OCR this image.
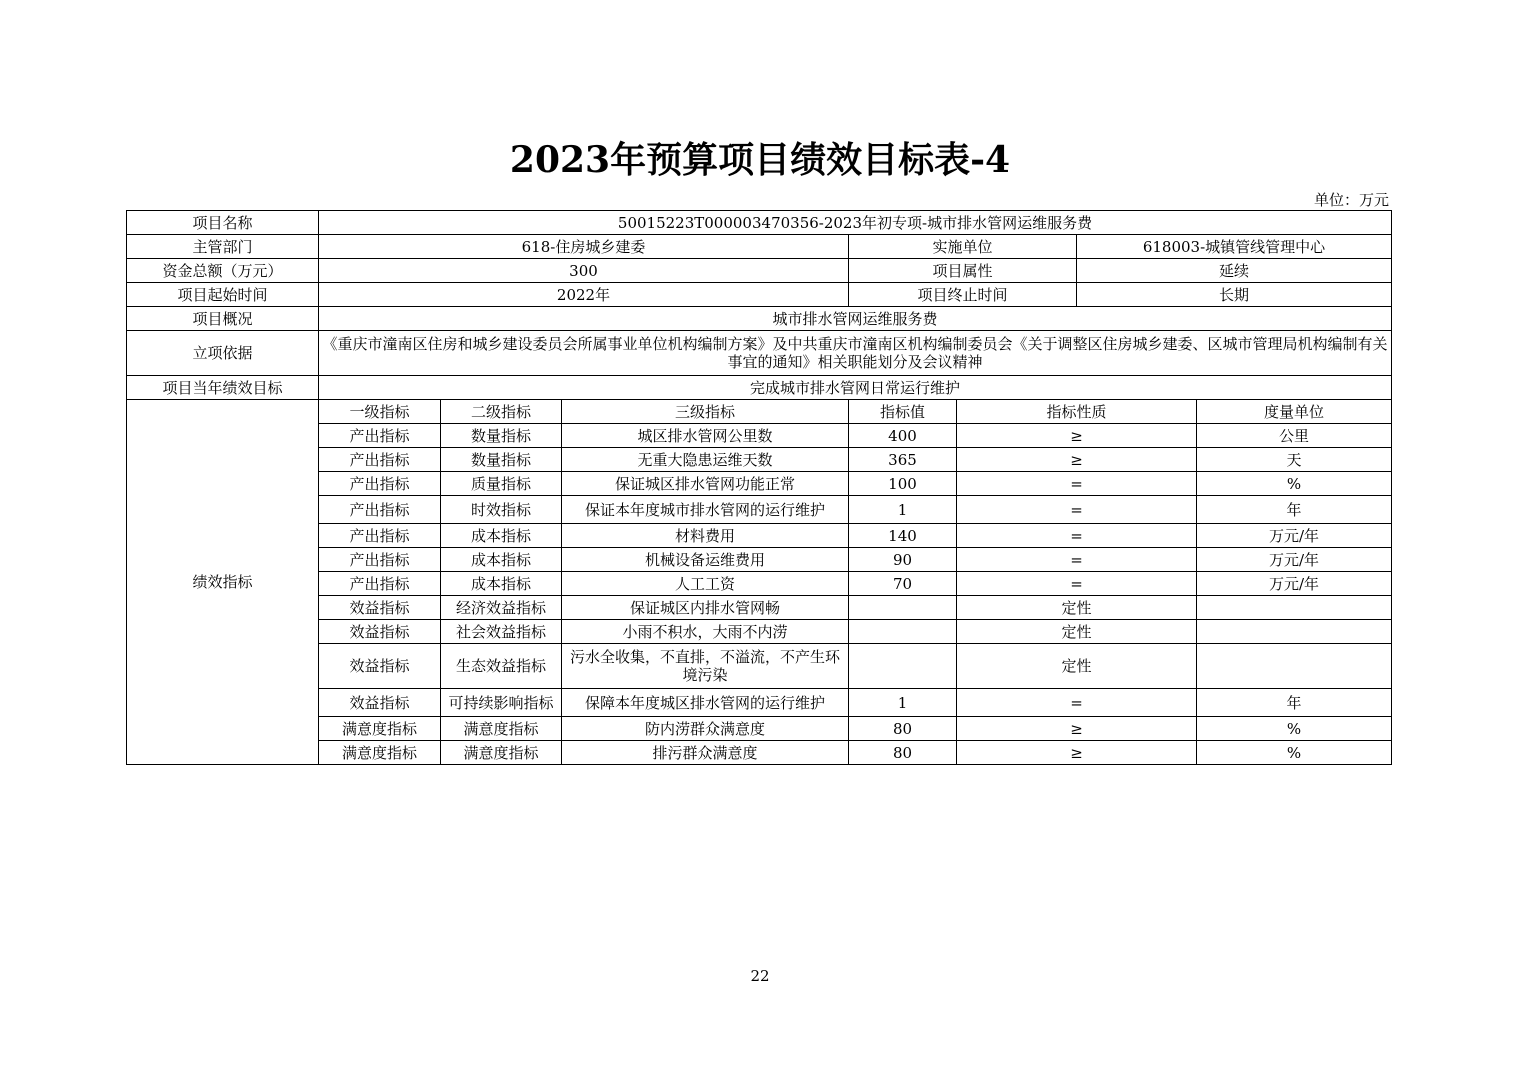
2023年预算项目绩效目标表-4
单位：万元
项目名称	50015223T000003470356-2023年初专项-城市排水管网运维服务费						
主管部门	618-住房城乡建委			实施单位		618003-城镇管线管理中心	
资金总额（万元）	300			项目属性		延续	
项目起始时间	2022年			项目终止时间		长期	
项目概况	城市排水管网运维服务费						
立项依据	《重庆市潼南区住房和城乡建设委员会所属事业单位机构编制方案》及中共重庆市潼南区机构编制委员会《关于调整区住房城乡建委、区城市管理局机构编制有关事宜的通知》相关职能划分及会议精神						
项目当年绩效目标	完成城市排水管网日常运行维护						
绩效指标	一级指标	二级指标	三级指标	指标值	指标性质		度量单位
	产出指标	数量指标	城区排水管网公里数	400	≥		公里
	产出指标	数量指标	无重大隐患运维天数	365	≥		天
	产出指标	质量指标	保证城区排水管网功能正常	100	=		%
	产出指标	时效指标	保证本年度城市排水管网的运行维护	1	=		年
	产出指标	成本指标	材料费用	140	=		万元/年
	产出指标	成本指标	机械设备运维费用	90	=		万元/年
	产出指标	成本指标	人工工资	70	=		万元/年
	效益指标	经济效益指标	保证城区内排水管网畅		定性		
	效益指标	社会效益指标	小雨不积水，大雨不内涝		定性		
	效益指标	生态效益指标	污水全收集，不直排，不溢流，不产生环境污染		定性		
	效益指标	可持续影响指标	保障本年度城区排水管网的运行维护	1	=		年
	满意度指标	满意度指标	防内涝群众满意度	80	≥		%
	满意度指标	满意度指标	排污群众满意度	80	≥		%
22
